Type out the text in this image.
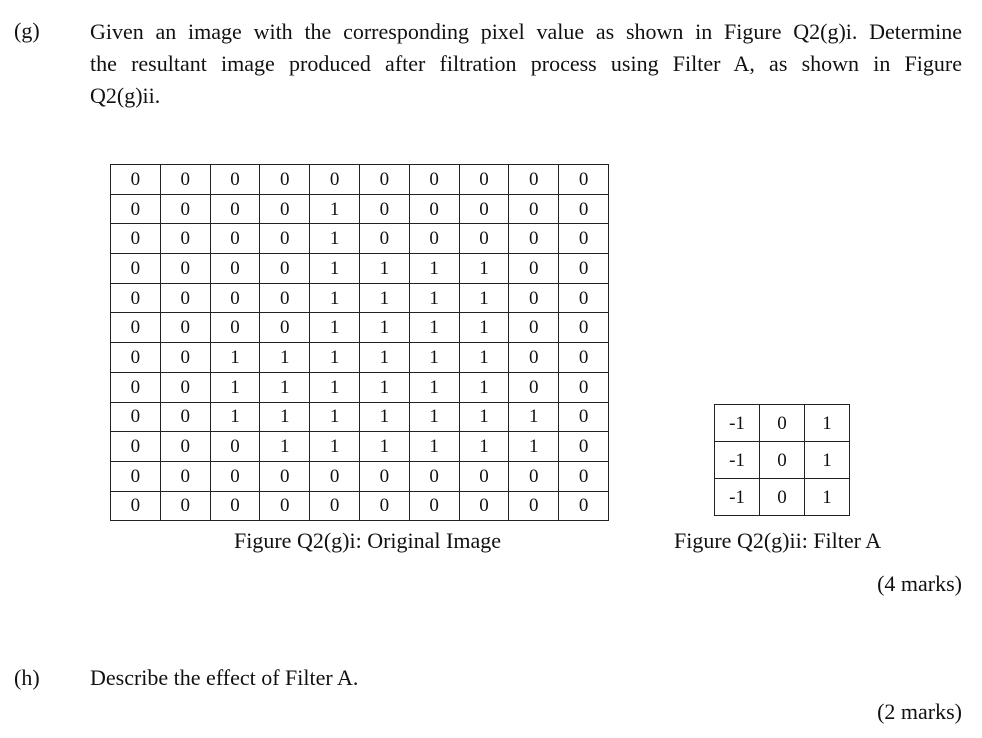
(g) Given an image with the corresponding pixel value as shown in Figure Q2(g)i. Determine
the resultant image produced after filtration process using Filter A, as shown in Figure
Q2(g)ii.
0	0	0	0	0	0	0	0	0	0
0	0	0	0	1	0	0	0	0	0
0	0	0	0	1	0	0	0	0	0
0	0	0	0	1	1	1	1	0	0
0	0	0	0	1	1	1	1	0	0
0	0	0	0	1	1	1	1	0	0
0	0	1	1	1	1	1	1	0	0
0	0	1	1	1	1	1	1	0	0
0	0	1	1	1	1	1	1	1	0
0	0	0	1	1	1	1	1	1	0
0	0	0	0	0	0	0	0	0	0
0	0	0	0	0	0	0	0	0	0
Figure Q2(g)i: Original Image
-1	0	1
-1	0	1
-1	0	1
Figure Q2(g)ii: Filter A
(4 marks)
(h) Describe the effect of Filter A.
(2 marks)
